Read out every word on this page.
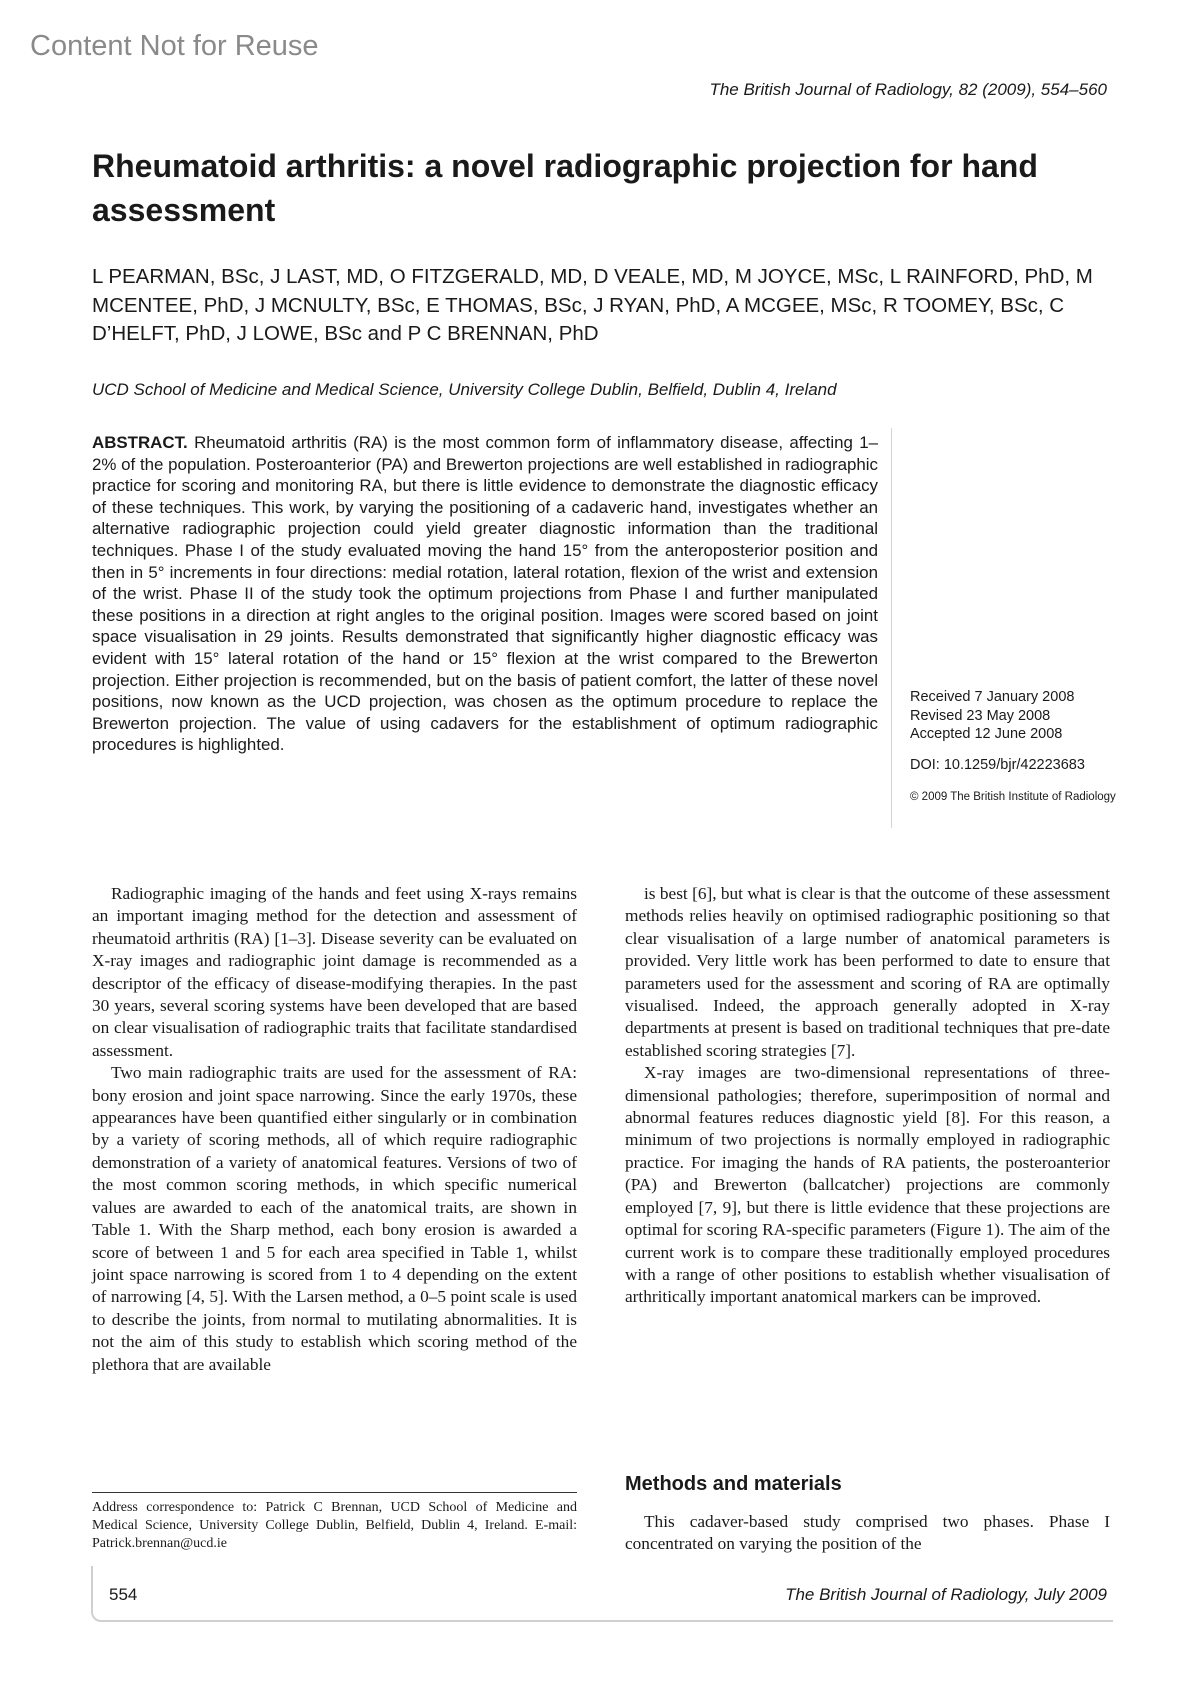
Content Not for Reuse
The British Journal of Radiology, 82 (2009), 554–560
Rheumatoid arthritis: a novel radiographic projection for hand assessment

L PEARMAN, BSc, J LAST, MD, O FITZGERALD, MD, D VEALE, MD, M JOYCE, MSc, L RAINFORD, PhD, M MCENTEE, PhD, J MCNULTY, BSc, E THOMAS, BSc, J RYAN, PhD, A MCGEE, MSc, R TOOMEY, BSc, C D’HELFT, PhD, J LOWE, BSc and P C BRENNAN, PhD

UCD School of Medicine and Medical Science, University College Dublin, Belfield, Dublin 4, Ireland

ABSTRACT. Rheumatoid arthritis (RA) is the most common form of inflammatory disease, affecting 1–2% of the population. Posteroanterior (PA) and Brewerton projections are well established in radiographic practice for scoring and monitoring RA, but there is little evidence to demonstrate the diagnostic efficacy of these techniques. This work, by varying the positioning of a cadaveric hand, investigates whether an alternative radiographic projection could yield greater diagnostic information than the traditional techniques. Phase I of the study evaluated moving the hand 15° from the anteroposterior position and then in 5° increments in four directions: medial rotation, lateral rotation, flexion of the wrist and extension of the wrist. Phase II of the study took the optimum projections from Phase I and further manipulated these positions in a direction at right angles to the original position. Images were scored based on joint space visualisation in 29 joints. Results demonstrated that significantly higher diagnostic efficacy was evident with 15° lateral rotation of the hand or 15° flexion at the wrist compared to the Brewerton projection. Either projection is recommended, but on the basis of patient comfort, the latter of these novel positions, now known as the UCD projection, was chosen as the optimum procedure to replace the Brewerton projection. The value of using cadavers for the establishment of optimum radiographic procedures is highlighted.

Received 7 January 2008
Revised 23 May 2008
Accepted 12 June 2008
DOI: 10.1259/bjr/42223683
© 2009 The British Institute of Radiology

Radiographic imaging of the hands and feet using X-rays remains an important imaging method for the detection and assessment of rheumatoid arthritis (RA) [1–3]. Disease severity can be evaluated on X-ray images and radiographic joint damage is recommended as a descriptor of the efficacy of disease-modifying therapies. In the past 30 years, several scoring systems have been developed that are based on clear visualisation of radiographic traits that facilitate standardised assessment.

Two main radiographic traits are used for the assessment of RA: bony erosion and joint space narrowing. Since the early 1970s, these appearances have been quantified either singularly or in combination by a variety of scoring methods, all of which require radiographic demonstration of a variety of anatomical features. Versions of two of the most common scoring methods, in which specific numerical values are awarded to each of the anatomical traits, are shown in Table 1. With the Sharp method, each bony erosion is awarded a score of between 1 and 5 for each area specified in Table 1, whilst joint space narrowing is scored from 1 to 4 depending on the extent of narrowing [4, 5]. With the Larsen method, a 0–5 point scale is used to describe the joints, from normal to mutilating abnormalities. It is not the aim of this study to establish which scoring method of the plethora that are available

is best [6], but what is clear is that the outcome of these assessment methods relies heavily on optimised radiographic positioning so that clear visualisation of a large number of anatomical parameters is provided. Very little work has been performed to date to ensure that parameters used for the assessment and scoring of RA are optimally visualised. Indeed, the approach generally adopted in X-ray departments at present is based on traditional techniques that pre-date established scoring strategies [7].

X-ray images are two-dimensional representations of three-dimensional pathologies; therefore, superimposition of normal and abnormal features reduces diagnostic yield [8]. For this reason, a minimum of two projections is normally employed in radiographic practice. For imaging the hands of RA patients, the posteroanterior (PA) and Brewerton (ballcatcher) projections are commonly employed [7, 9], but there is little evidence that these projections are optimal for scoring RA-specific parameters (Figure 1). The aim of the current work is to compare these traditionally employed procedures with a range of other positions to establish whether visualisation of arthritically important anatomical markers can be improved.

Methods and materials

This cadaver-based study comprised two phases. Phase I concentrated on varying the position of the

Address correspondence to: Patrick C Brennan, UCD School of Medicine and Medical Science, University College Dublin, Belfield, Dublin 4, Ireland. E-mail: Patrick.brennan@ucd.ie

554	The British Journal of Radiology, July 2009
